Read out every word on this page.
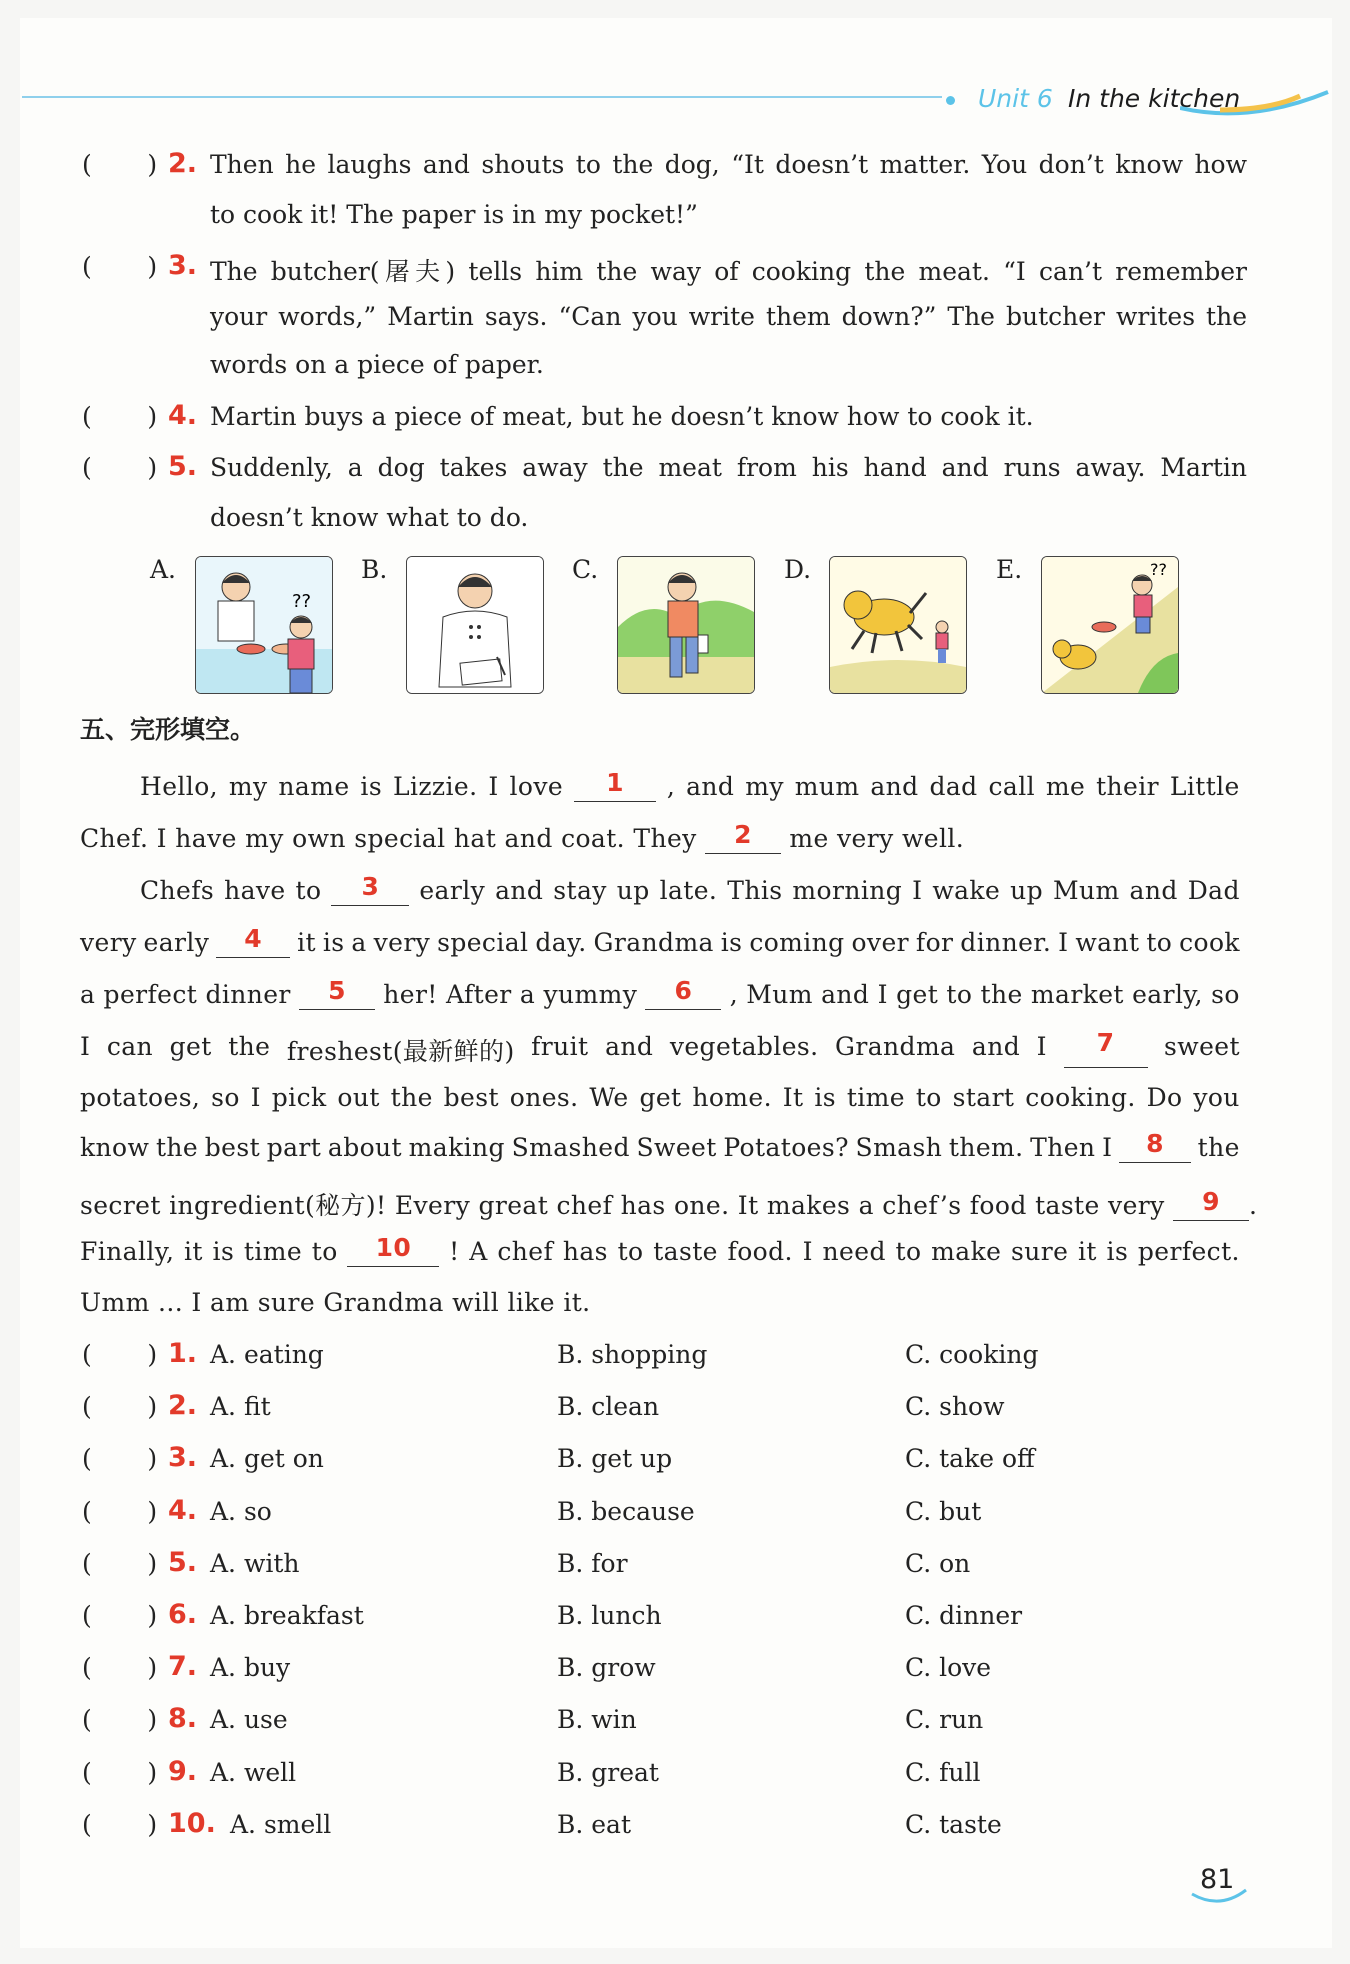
Unit 6 In the kitchen
五、完形填空。
81
(       ) 2. Then he laughs and shouts to the dog, “It doesn’t matter. You don’t know how
to cook it! The paper is in my pocket!”
(       ) 3. The butcher(屠夫) tells him the way of cooking the meat. “I can’t remember
your words,” Martin says. “Can you write them down?” The butcher writes the
words on a piece of paper.
(       ) 4. Martin buys a piece of meat, but he doesn’t know how to cook it.
(       ) 5. Suddenly, a dog takes away the meat from his hand and runs away. Martin
doesn’t know what to do.
A.
??
B.	C.	D.	E.	??
Hello, my name is Lizzie. I love	1	, and my mum and dad call me their Little
Chef. I have my own special hat and coat. They 2 me very well.
Chefs have to	3	early and stay up late. This morning I wake up Mum and Dad
very early	4	it is a very special day. Grandma is coming over for dinner. I want to cook
a perfect dinner	5	her! After a yummy	6	, Mum and I get to the market early, so
I can get the freshest(最新鲜的) fruit and vegetables. Grandma and I	7	sweet
potatoes, so I pick out the best ones. We get home. It is time to start cooking. Do you
know the best part about making Smashed Sweet Potatoes? Smash them. Then I	8	the
secret ingredient(秘方)! Every great chef has one. It makes a chef’s food taste very 9 .
Finally, it is time to	10	! A chef has to taste food. I need to make sure it is perfect.
Umm ... I am sure Grandma will like it.
(       ) 1. A. eating	B. shopping	C. cooking
(       ) 2. A. fit	B. clean	C. show
(       ) 3. A. get on	B. get up	C. take off
(       ) 4. A. so	B. because	C. but
(       ) 5. A. with	B. for	C. on
(       ) 6. A. breakfast	B. lunch	C. dinner
(       ) 7. A. buy	B. grow	C. love
(       ) 8. A. use	B. win	C. run
(       ) 9. A. well	B. great	C. full
(       ) 10. A. smell	B. eat	C. taste
